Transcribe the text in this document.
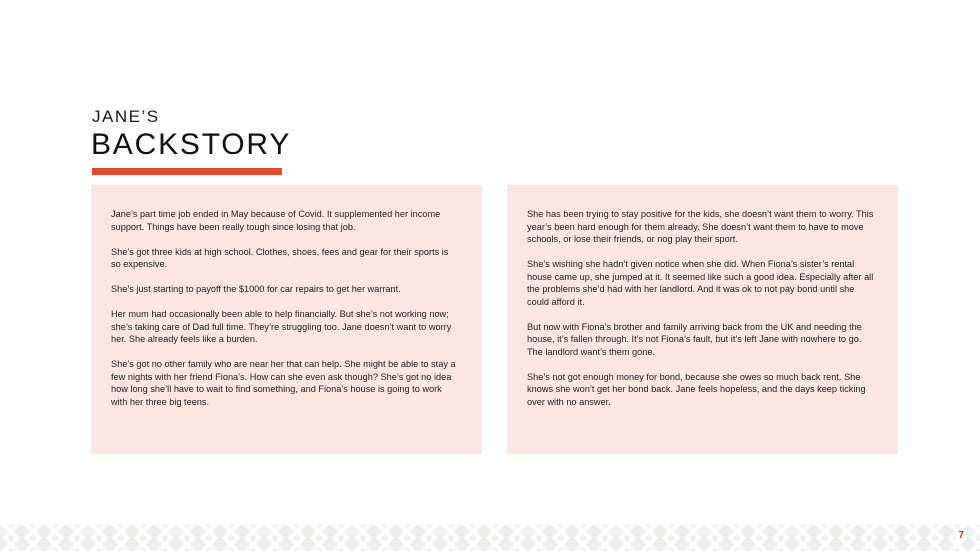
JANE’S
BACKSTORY

Jane’s part time job ended in May because of Covid. It supplemented her income support. Things have been really tough since losing that job.

She’s got three kids at high school. Clothes, shoes, fees and gear for their sports is so expensive.

She’s just starting to payoff the $1000 for car repairs to get her warrant.

Her mum had occasionally been able to help financially. But she’s not working now; she’s taking care of Dad full time. They’re struggling too. Jane doesn’t want to worry her. She already feels like a burden.

She’s got no other family who are near her that can help. She might be able to stay a few nights with her friend Fiona’s. How can she even ask though? She’s got no idea how long she’ll have to wait to find something, and Fiona’s house is going to work with her three big teens.

She has been trying to stay positive for the kids, she doesn’t want them to worry. This year’s been hard enough for them already. She doesn’t want them to have to move schools, or lose their friends, or nog play their sport.

She’s wishing she hadn’t given notice when she did. When Fiona’s sister’s rental house came up, she jumped at it. It seemed like such a good idea. Especially after all the problems she’d had with her landlord. And it was ok to not pay bond until she could afford it.

But now with Fiona’s brother and family arriving back from the UK and needing the house, it’s fallen through. It’s not Fiona’s fault, but it’s left Jane with nowhere to go. The landlord want’s them gone.

She’s not got enough money for bond, because she owes so much back rent. She knows she won’t get her bond back. Jane feels hopeless, and the days keep ticking over with no answer.

7
